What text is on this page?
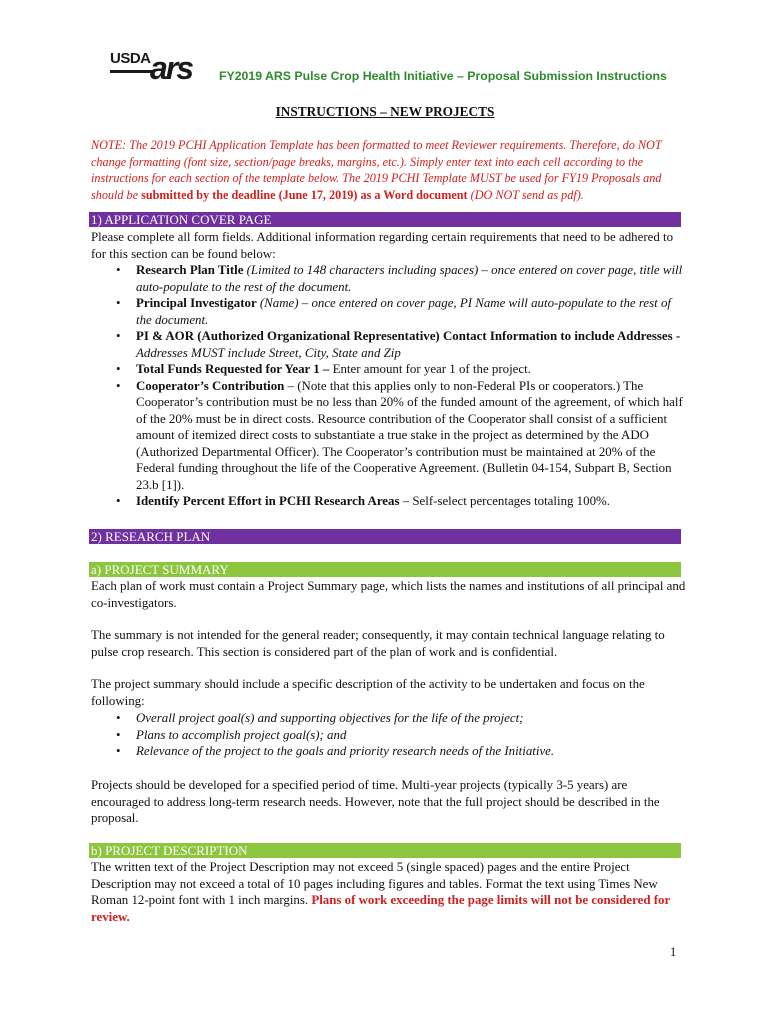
USDA ars FY2019 ARS Pulse Crop Health Initiative – Proposal Submission Instructions
INSTRUCTIONS – NEW PROJECTS
NOTE: The 2019 PCHI Application Template has been formatted to meet Reviewer requirements. Therefore, do NOT change formatting (font size, section/page breaks, margins, etc.). Simply enter text into each cell according to the instructions for each section of the template below. The 2019 PCHI Template MUST be used for FY19 Proposals and should be submitted by the deadline (June 17, 2019) as a Word document (DO NOT send as pdf).
1) APPLICATION COVER PAGE
Please complete all form fields. Additional information regarding certain requirements that need to be adhered to for this section can be found below:
• Research Plan Title (Limited to 148 characters including spaces) – once entered on cover page, title will auto-populate to the rest of the document.
• Principal Investigator (Name) – once entered on cover page, PI Name will auto-populate to the rest of the document.
• PI & AOR (Authorized Organizational Representative) Contact Information to include Addresses - Addresses MUST include Street, City, State and Zip
• Total Funds Requested for Year 1 – Enter amount for year 1 of the project.
• Cooperator’s Contribution – (Note that this applies only to non-Federal PIs or cooperators.) The Cooperator’s contribution must be no less than 20% of the funded amount of the agreement, of which half of the 20% must be in direct costs. Resource contribution of the Cooperator shall consist of a sufficient amount of itemized direct costs to substantiate a true stake in the project as determined by the ADO (Authorized Departmental Officer). The Cooperator’s contribution must be maintained at 20% of the Federal funding throughout the life of the Cooperative Agreement. (Bulletin 04-154, Subpart B, Section 23.b [1]).
• Identify Percent Effort in PCHI Research Areas – Self-select percentages totaling 100%.
2) RESEARCH PLAN
a) PROJECT SUMMARY
Each plan of work must contain a Project Summary page, which lists the names and institutions of all principal and co-investigators.
The summary is not intended for the general reader; consequently, it may contain technical language relating to pulse crop research. This section is considered part of the plan of work and is confidential.
The project summary should include a specific description of the activity to be undertaken and focus on the following:
• Overall project goal(s) and supporting objectives for the life of the project;
• Plans to accomplish project goal(s); and
• Relevance of the project to the goals and priority research needs of the Initiative.
Projects should be developed for a specified period of time. Multi-year projects (typically 3-5 years) are encouraged to address long-term research needs. However, note that the full project should be described in the proposal.
b) PROJECT DESCRIPTION
The written text of the Project Description may not exceed 5 (single spaced) pages and the entire Project Description may not exceed a total of 10 pages including figures and tables. Format the text using Times New Roman 12-point font with 1 inch margins. Plans of work exceeding the page limits will not be considered for review.
1
